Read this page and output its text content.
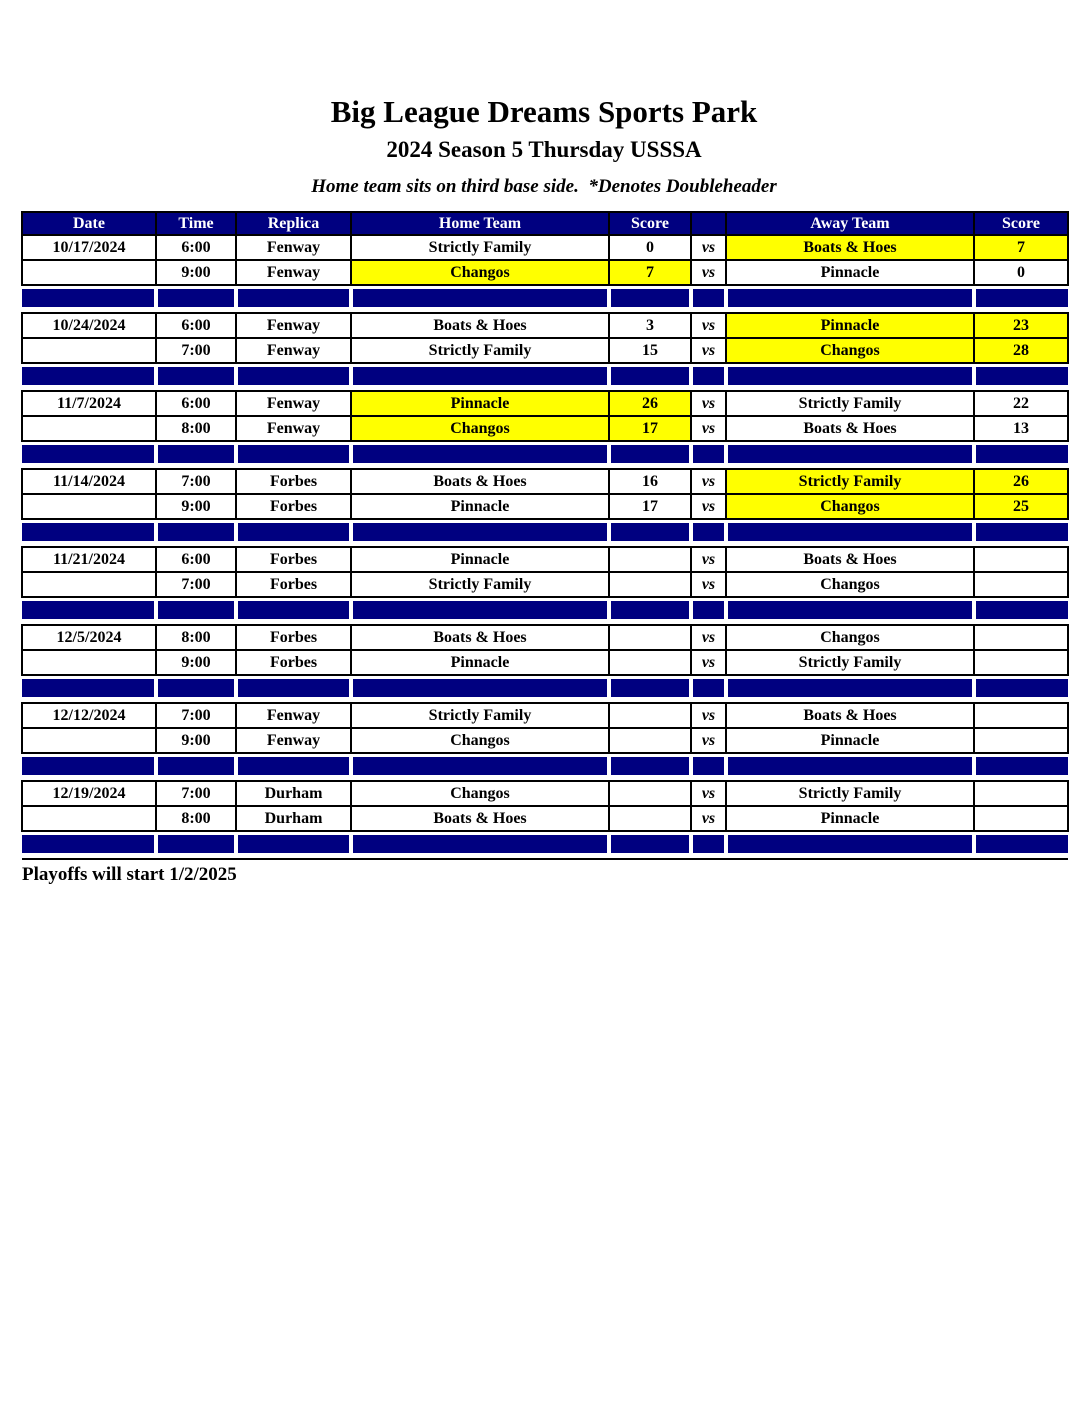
Big League Dreams Sports Park
2024 Season 5 Thursday USSSA
Home team sits on third base side.  *Denotes Doubleheader
Date	Time	Replica	Home Team	Score		Away Team	Score
10/17/2024	6:00	Fenway	Strictly Family	0	vs	Boats & Hoes	7
	9:00	Fenway	Changos	7	vs	Pinnacle	0

10/24/2024	6:00	Fenway	Boats & Hoes	3	vs	Pinnacle	23
	7:00	Fenway	Strictly Family	15	vs	Changos	28

11/7/2024	6:00	Fenway	Pinnacle	26	vs	Strictly Family	22
	8:00	Fenway	Changos	17	vs	Boats & Hoes	13

11/14/2024	7:00	Forbes	Boats & Hoes	16	vs	Strictly Family	26
	9:00	Forbes	Pinnacle	17	vs	Changos	25

11/21/2024	6:00	Forbes	Pinnacle		vs	Boats & Hoes	
	7:00	Forbes	Strictly Family		vs	Changos	

12/5/2024	8:00	Forbes	Boats & Hoes		vs	Changos	
	9:00	Forbes	Pinnacle		vs	Strictly Family	

12/12/2024	7:00	Fenway	Strictly Family		vs	Boats & Hoes	
	9:00	Fenway	Changos		vs	Pinnacle	

12/19/2024	7:00	Durham	Changos		vs	Strictly Family	
	8:00	Durham	Boats & Hoes		vs	Pinnacle	

Playoffs will start 1/2/2025
